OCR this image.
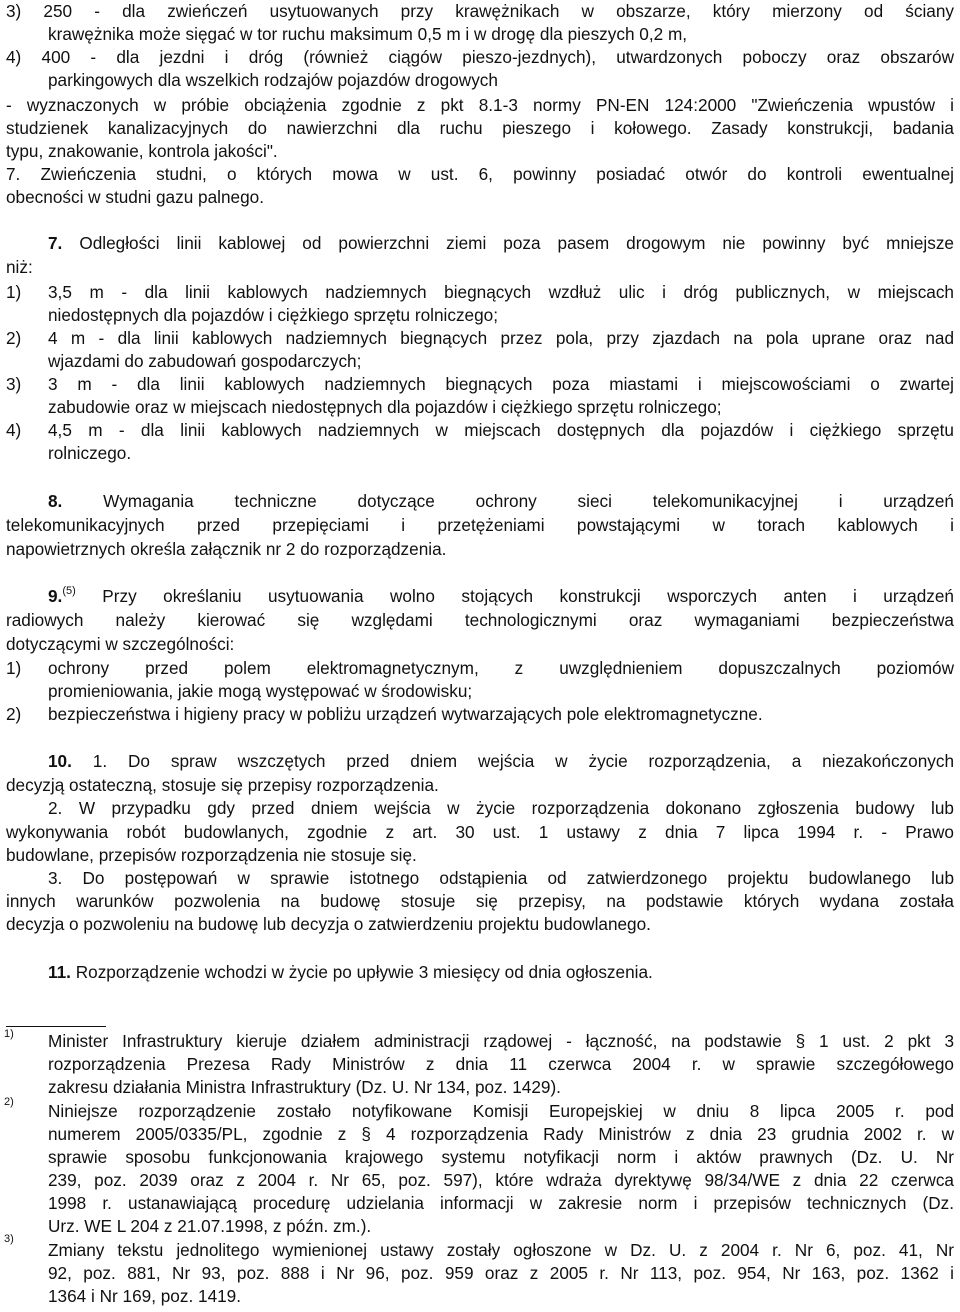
3) 250 - dla zwieńczeń usytuowanych przy krawężnikach w obszarze, który mierzony od ściany
krawężnika może sięgać w tor ruchu maksimum 0,5 m i w drogę dla pieszych 0,2 m,
4) 400 - dla jezdni i dróg (również ciągów pieszo-jezdnych), utwardzonych poboczy oraz obszarów
parkingowych dla wszelkich rodzajów pojazdów drogowych
- wyznaczonych w próbie obciążenia zgodnie z pkt 8.1-3 normy PN-EN 124:2000 "Zwieńczenia wpustów i
studzienek kanalizacyjnych do nawierzchni dla ruchu pieszego i kołowego. Zasady konstrukcji, badania
typu, znakowanie, kontrola jakości".
7. Zwieńczenia studni, o których mowa w ust. 6, powinny posiadać otwór do kontroli ewentualnej
obecności w studni gazu palnego.
7. Odległości linii kablowej od powierzchni ziemi poza pasem drogowym nie powinny być mniejsze
niż:
1)	3,5 m - dla linii kablowych nadziemnych biegnących wzdłuż ulic i dróg publicznych, w miejscach
niedostępnych dla pojazdów i ciężkiego sprzętu rolniczego;
2)	4 m - dla linii kablowych nadziemnych biegnących przez pola, przy zjazdach na pola uprane oraz nad
wjazdami do zabudowań gospodarczych;
3)	3 m - dla linii kablowych nadziemnych biegnących poza miastami i miejscowościami o zwartej
zabudowie oraz w miejscach niedostępnych dla pojazdów i ciężkiego sprzętu rolniczego;
4)	4,5 m - dla linii kablowych nadziemnych w miejscach dostępnych dla pojazdów i ciężkiego sprzętu
rolniczego.
8. Wymagania techniczne dotyczące ochrony sieci telekomunikacyjnej i urządzeń
telekomunikacyjnych przed przepięciami i przetężeniami powstającymi w torach kablowych i
napowietrznych określa załącznik nr 2 do rozporządzenia.
9.$^{(5)}$ Przy określaniu usytuowania wolno stojących konstrukcji wsporczych anten i urządzeń
radiowych należy kierować się względami technologicznymi oraz wymaganiami bezpieczeństwa
dotyczącymi w szczególności:
1)	ochrony przed polem elektromagnetycznym, z uwzględnieniem dopuszczalnych poziomów
promieniowania, jakie mogą występować w środowisku;
2)	bezpieczeństwa i higieny pracy w pobliżu urządzeń wytwarzających pole elektromagnetyczne.
10. 1. Do spraw wszczętych przed dniem wejścia w życie rozporządzenia, a niezakończonych
decyzją ostateczną, stosuje się przepisy rozporządzenia.
2. W przypadku gdy przed dniem wejścia w życie rozporządzenia dokonano zgłoszenia budowy lub
wykonywania robót budowlanych, zgodnie z art. 30 ust. 1 ustawy z dnia 7 lipca 1994 r. - Prawo
budowlane, przepisów rozporządzenia nie stosuje się.
3. Do postępowań w sprawie istotnego odstąpienia od zatwierdzonego projektu budowlanego lub
innych warunków pozwolenia na budowę stosuje się przepisy, na podstawie których wydana została
decyzja o pozwoleniu na budowę lub decyzja o zatwierdzeniu projektu budowlanego.
11. Rozporządzenie wchodzi w życie po upływie 3 miesięcy od dnia ogłoszenia.
1) Minister Infrastruktury kieruje działem administracji rządowej - łączność, na podstawie § 1 ust. 2 pkt 3
rozporządzenia Prezesa Rady Ministrów z dnia 11 czerwca 2004 r. w sprawie szczegółowego
zakresu działania Ministra Infrastruktury (Dz. U. Nr 134, poz. 1429).
2) Niniejsze rozporządzenie zostało notyfikowane Komisji Europejskiej w dniu 8 lipca 2005 r. pod
numerem 2005/0335/PL, zgodnie z § 4 rozporządzenia Rady Ministrów z dnia 23 grudnia 2002 r. w
sprawie sposobu funkcjonowania krajowego systemu notyfikacji norm i aktów prawnych (Dz. U. Nr
239, poz. 2039 oraz z 2004 r. Nr 65, poz. 597), które wdraża dyrektywę 98/34/WE z dnia 22 czerwca
1998 r. ustanawiającą procedurę udzielania informacji w zakresie norm i przepisów technicznych (Dz.
Urz. WE L 204 z 21.07.1998, z późn. zm.).
3)
Zmiany tekstu jednolitego wymienionej ustawy zostały ogłoszone w Dz. U. z 2004 r. Nr 6, poz. 41, Nr
92, poz. 881, Nr 93, poz. 888 i Nr 96, poz. 959 oraz z 2005 r. Nr 113, poz. 954, Nr 163, poz. 1362 i
1364 i Nr 169, poz. 1419.
